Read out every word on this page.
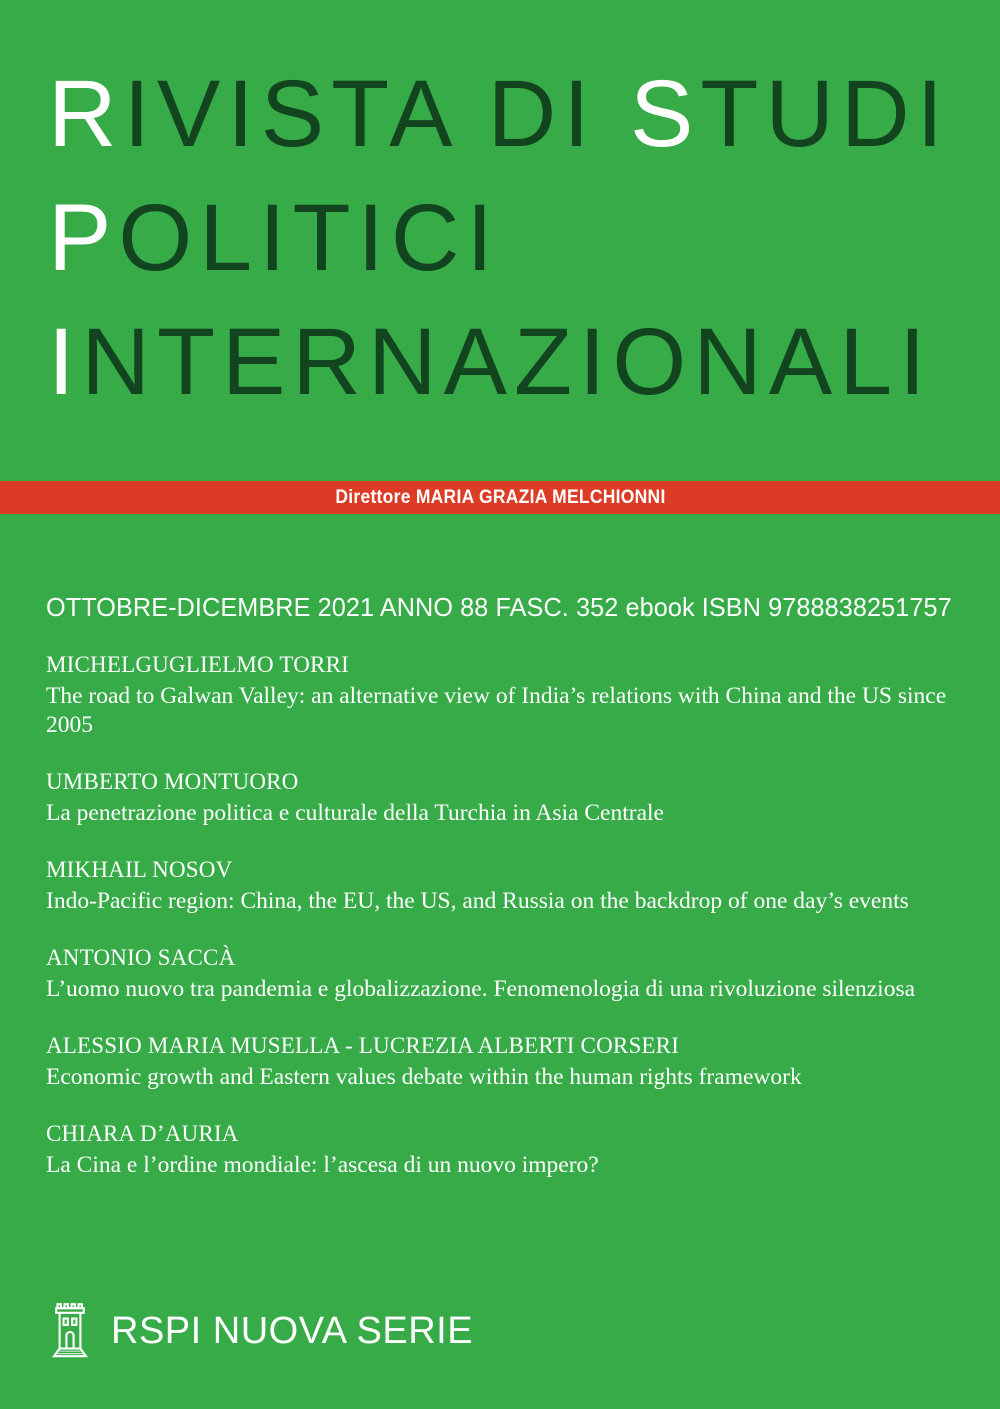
RIVISTA DI STUDI
POLITICI
INTERNAZIONALI
Direttore MARIA GRAZIA MELCHIONNI
OTTOBRE-DICEMBRE 2021 ANNO 88 FASC. 352 ebook ISBN 9788838251757
MICHELGUGLIELMO TORRI
The road to Galwan Valley: an alternative view of India’s relations with China and the US since 2005
UMBERTO MONTUORO
La penetrazione politica e culturale della Turchia in Asia Centrale
MIKHAIL NOSOV
Indo-Pacific region: China, the EU, the US, and Russia on the backdrop of one day’s events
ANTONIO SACCÀ
L’uomo nuovo tra pandemia e globalizzazione. Fenomenologia di una rivoluzione silenziosa
ALESSIO MARIA MUSELLA - LUCREZIA ALBERTI CORSERI
Economic growth and Eastern values debate within the human rights framework
CHIARA D’AURIA
La Cina e l’ordine mondiale: l’ascesa di un nuovo impero?
RSPI NUOVA SERIE
